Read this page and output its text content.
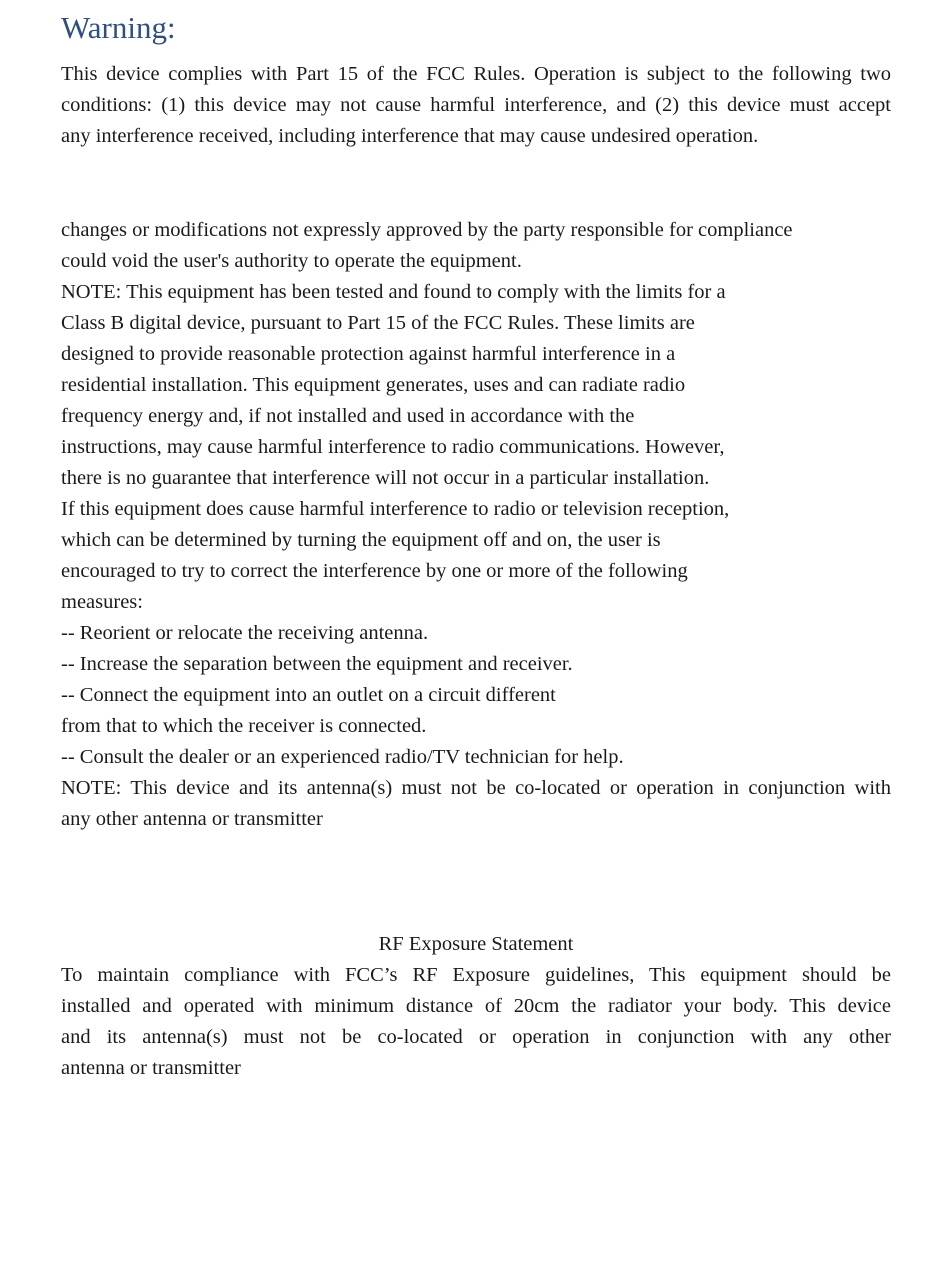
Warning:
This device complies with Part 15 of the FCC Rules. Operation is subject to the following two
conditions: (1) this device may not cause harmful interference, and (2) this device must accept
any interference received, including interference that may cause undesired operation.
changes or modifications not expressly approved by the party responsible for compliance
could void the user's authority to operate the equipment.
NOTE: This equipment has been tested and found to comply with the limits for a
Class B digital device, pursuant to Part 15 of the FCC Rules. These limits are
designed to provide reasonable protection against harmful interference in a
residential installation. This equipment generates, uses and can radiate radio
frequency energy and, if not installed and used in accordance with the
instructions, may cause harmful interference to radio communications. However,
there is no guarantee that interference will not occur in a particular installation.
If this equipment does cause harmful interference to radio or television reception,
which can be determined by turning the equipment off and on, the user is
encouraged to try to correct the interference by one or more of the following
measures:
-- Reorient or relocate the receiving antenna.
-- Increase the separation between the equipment and receiver.
-- Connect the equipment into an outlet on a circuit different
from that to which the receiver is connected.
-- Consult the dealer or an experienced radio/TV technician for help.
NOTE: This device and its antenna(s) must not be co-located or operation in conjunction with
any other antenna or transmitter
RF Exposure Statement
To maintain compliance with FCC’s RF Exposure guidelines, This equipment should be
installed and operated with minimum distance of 20cm the radiator your body. This device
and its antenna(s) must not be co-located or operation in conjunction with any other
antenna or transmitter
